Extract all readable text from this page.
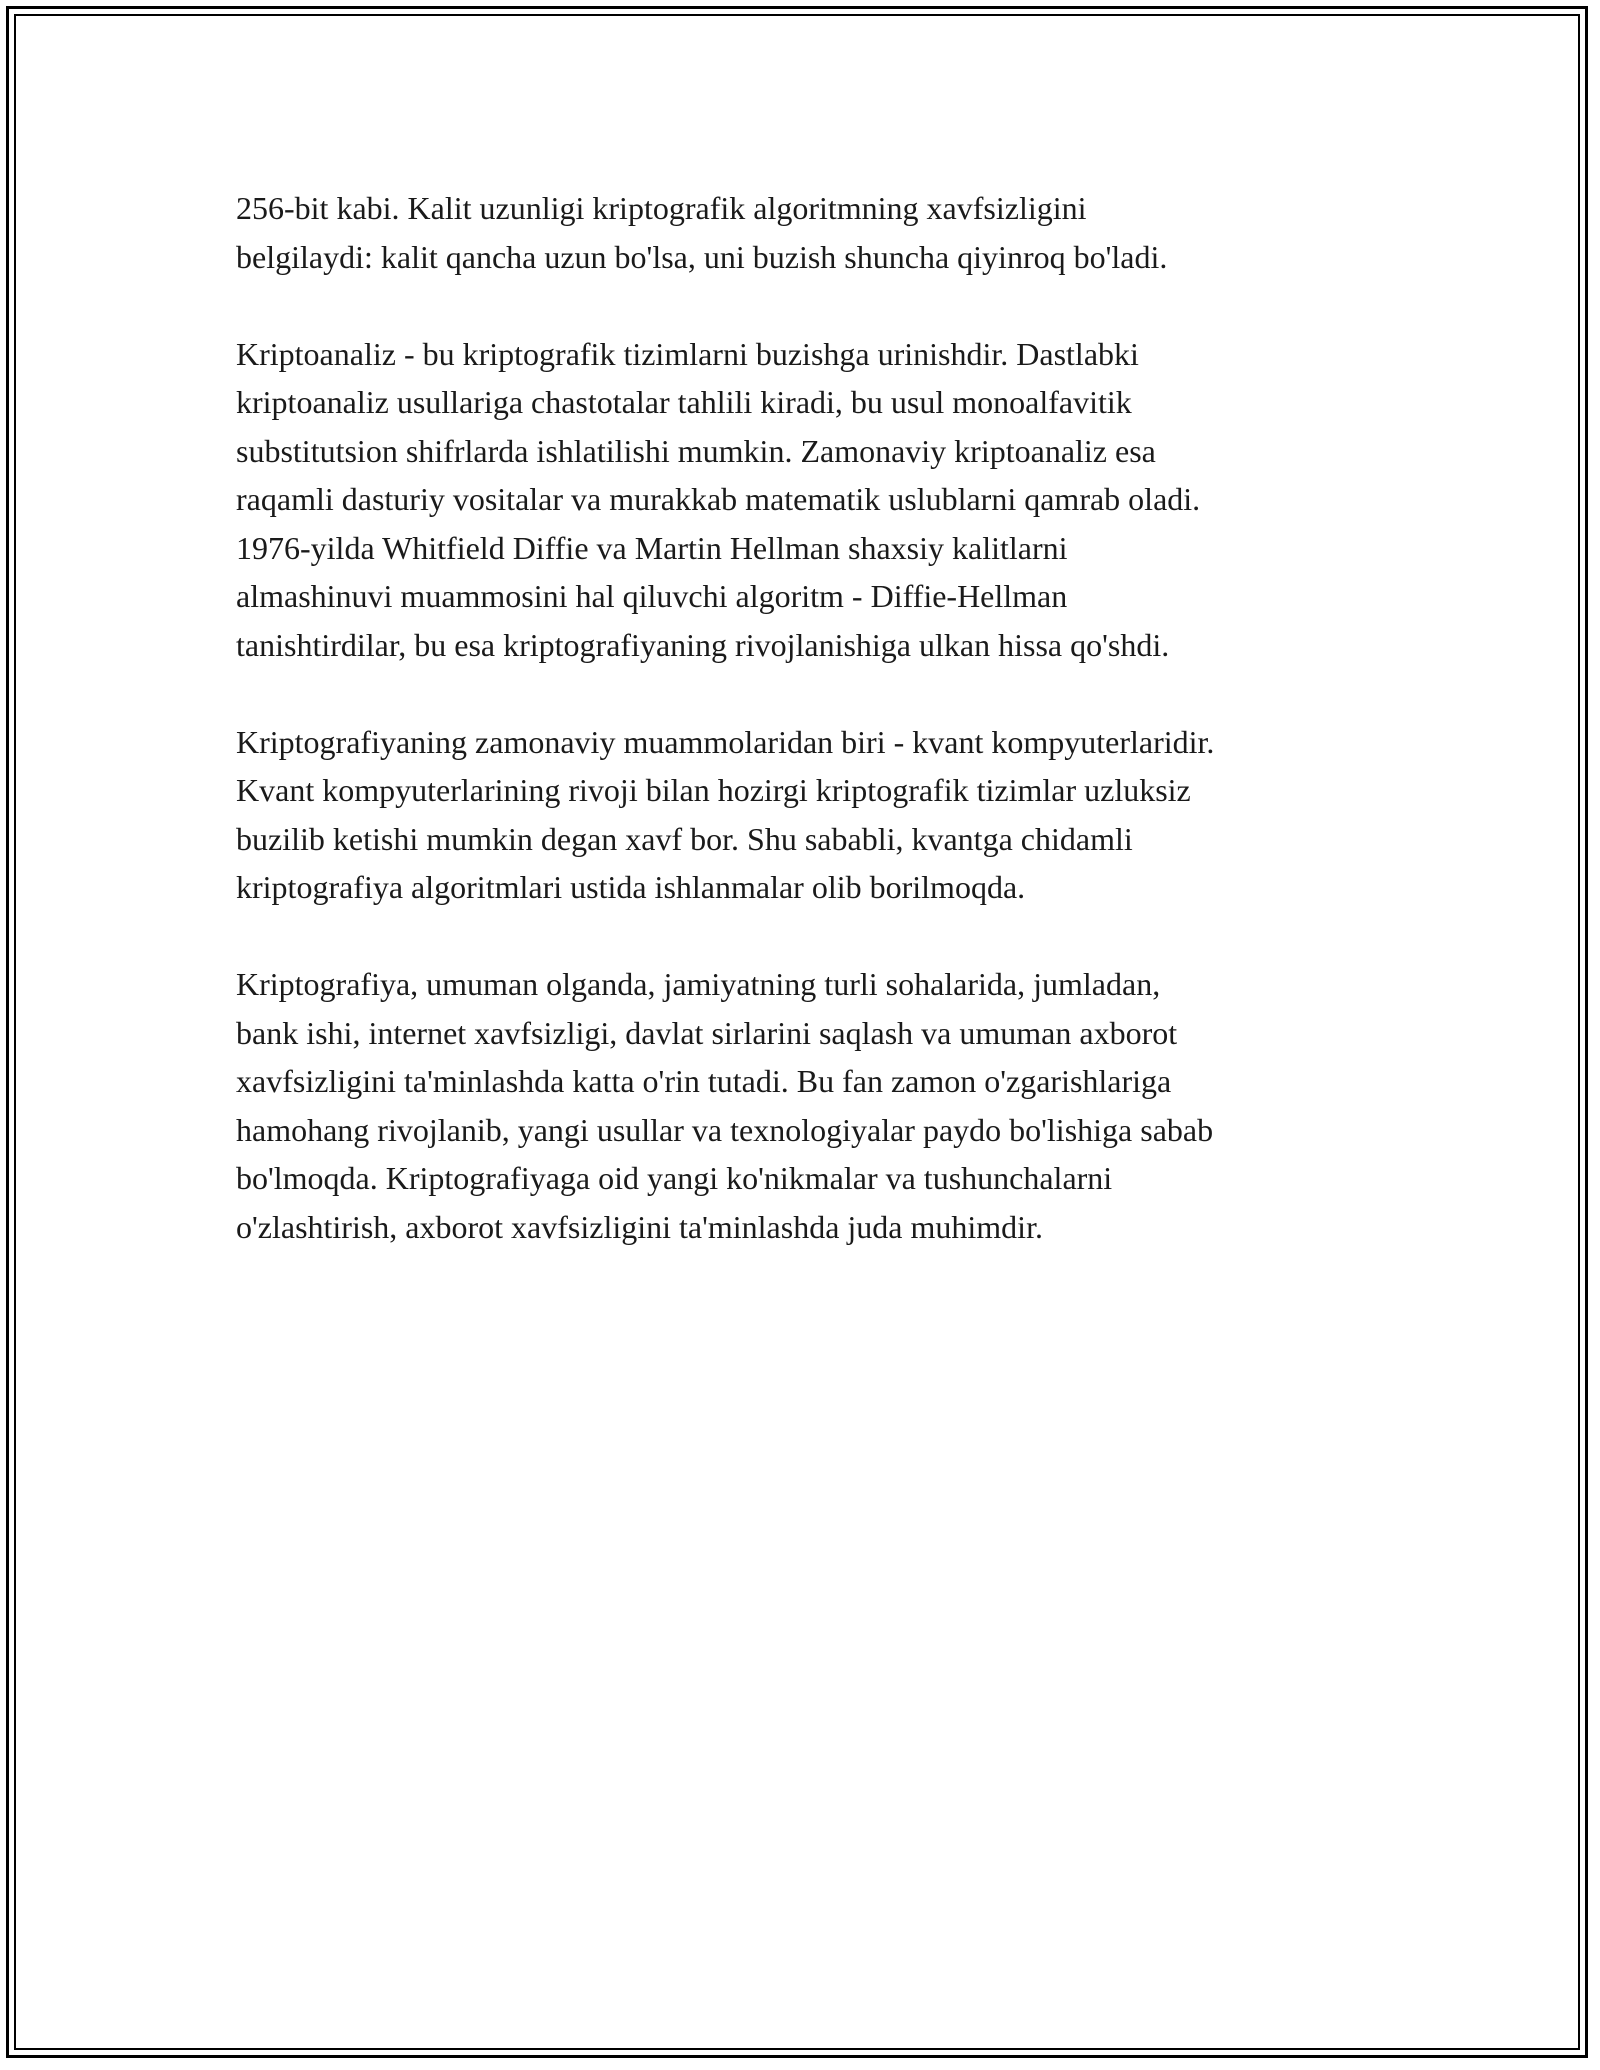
256-bit kabi. Kalit uzunligi kriptografik algoritmning xavfsizligini
belgilaydi: kalit qancha uzun bo'lsa, uni buzish shuncha qiyinroq bo'ladi.

Kriptoanaliz - bu kriptografik tizimlarni buzishga urinishdir. Dastlabki
kriptoanaliz usullariga chastotalar tahlili kiradi, bu usul monoalfavitik
substitutsion shifrlarda ishlatilishi mumkin. Zamonaviy kriptoanaliz esa
raqamli dasturiy vositalar va murakkab matematik uslublarni qamrab oladi.
1976-yilda Whitfield Diffie va Martin Hellman shaxsiy kalitlarni
almashinuvi muammosini hal qiluvchi algoritm - Diffie-Hellman
tanishtirdilar, bu esa kriptografiyaning rivojlanishiga ulkan hissa qo'shdi.

Kriptografiyaning zamonaviy muammolaridan biri - kvant kompyuterlaridir.
Kvant kompyuterlarining rivoji bilan hozirgi kriptografik tizimlar uzluksiz
buzilib ketishi mumkin degan xavf bor. Shu sababli, kvantga chidamli
kriptografiya algoritmlari ustida ishlanmalar olib borilmoqda.

Kriptografiya, umuman olganda, jamiyatning turli sohalarida, jumladan,
bank ishi, internet xavfsizligi, davlat sirlarini saqlash va umuman axborot
xavfsizligini ta'minlashda katta o'rin tutadi. Bu fan zamon o'zgarishlariga
hamohang rivojlanib, yangi usullar va texnologiyalar paydo bo'lishiga sabab
bo'lmoqda. Kriptografiyaga oid yangi ko'nikmalar va tushunchalarni
o'zlashtirish, axborot xavfsizligini ta'minlashda juda muhimdir.
